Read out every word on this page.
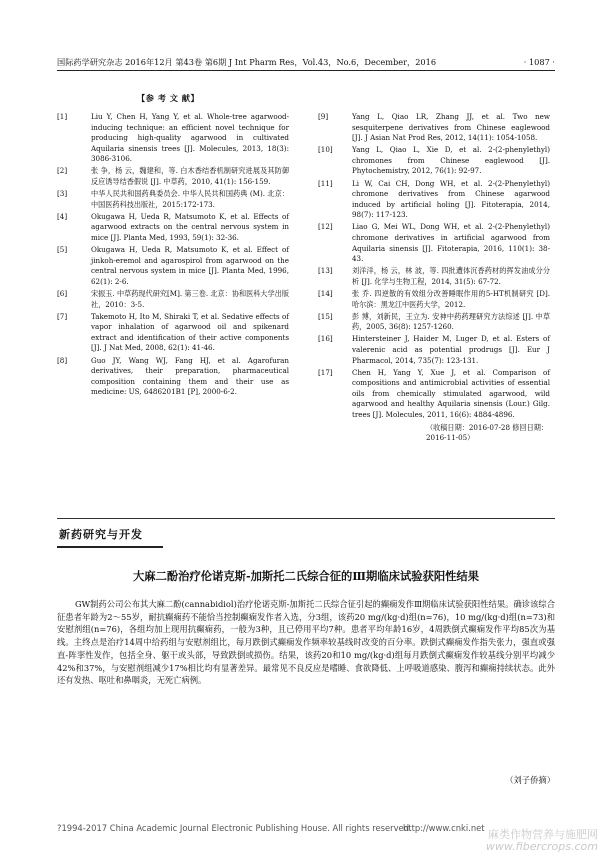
国际药学研究杂志 2016年12月 第43卷 第6期 J Int Pharm Res，Vol.43，No.6，December，2016	· 1087 ·
【参 考 文 献】
[1]	Liu Y, Chen H, Yang Y, et al. Whole-tree agarwood-inducing technique: an efficient novel technique for producing high-quality agarwood in cultivated Aquilaria sinensis trees [J]. Molecules, 2013, 18(3): 3086-3106.
[2]	张 争，杨 云，魏建和，等. 白木香结香机制研究进展及其防御反应诱导结香假说 [J]. 中草药，2010, 41(1): 156-159.
[3]	中华人民共和国药典委员会. 中华人民共和国药典 (M). 北京：中国医药科技出版社，2015:172-173.
[4]	Okugawa H, Ueda R, Matsumoto K, et al. Effects of agarwood extracts on the central nervous system in mice [J]. Planta Med, 1993, 59(1): 32-36.
[5]	Okugawa H, Ueda R, Matsumoto K, et al. Effect of jinkoh-eremol and agarospirol from agarwood on the central nervous system in mice [J]. Planta Med, 1996, 62(1): 2-6.
[6]	宋振玉. 中草药现代研究[M]. 第三卷. 北京：协和医科大学出版社，2010：3-5.
[7]	Takemoto H, Ito M, Shiraki T, et al. Sedative effects of vapor inhalation of agarwood oil and spikenard extract and identification of their active components [J]. J Nat Med, 2008, 62(1): 41-46.
[8]	Guo JY, Wang WJ, Fang HJ, et al. Agarofuran derivatives, their preparation, pharmaceutical composition containing them and their use as medicine: US, 6486201B1 [P], 2000-6-2.
[9]	Yang L, Qiao LR, Zhang JJ, et al. Two new sesquiterpene derivatives from Chinese eaglewood [J]. J Asian Nat Prod Res, 2012, 14(11): 1054-1058.
[10]	Yang L, Qiao L, Xie D, et al. 2-(2-phenylethyl) chromones from Chinese eaglewood [J]. Phytochemistry, 2012, 76(1): 92-97.
[11]	Li W, Cai CH, Dong WH, et al. 2-(2-Phenylethyl) chromone derivatives from Chinese agarwood induced by artificial holing [J]. Fitoterapia, 2014, 98(7): 117-123.
[12]	Liao G, Mei WL, Dong WH, et al. 2-(2-Phenylethyl) chromone derivatives in artificial agarwood from Aquilaria sinensis [J]. Fitoterapia, 2016, 110(1): 38-43.
[13]	刘洋洋，杨 云，林 波，等. 四批遭体沉香药材的挥发油成分分析 [J]. 化学与生物工程，2014, 31(5): 67-72.
[14]	张 乔. 四逆散的有效组分改善睡眠作用的5-HT机制研究 [D]. 哈尔滨：黑龙江中医药大学，2012.
[15]	彭 博，刘新民，王立为. 安神中药药理研究方法综述 [J]. 中草药，2005, 36(8): 1257-1260.
[16]	Hintersteiner J, Haider M, Luger D, et al. Esters of valerenic acid as potential prodrugs [J]. Eur J Pharmacol, 2014, 735(7): 123-131.
[17]	Chen H, Yang Y, Xue J, et al. Comparison of compositions and antimicrobial activities of essential oils from chemically stimulated agarwood, wild agarwood and healthy Aquilaria sinensis (Lour.) Gilg. trees [J]. Molecules, 2011, 16(6): 4884-4896.
（收稿日期：2016-07-28 修回日期：2016-11-05）
新药研究与开发
大麻二酚治疗伦诺克斯-加斯托二氏综合征的Ⅲ期临床试验获阳性结果
GW制药公司公布其大麻二酚(cannabidiol)治疗伦诺克斯-加斯托二氏综合征引起的癫痫发作Ⅲ期临床试验获阳性结果。确诊该综合征患者年龄为2～55岁，耐抗癫痫药不能恰当控制癫痫发作者入选，分3组，该药20 mg/(kg·d)组(n=76)，10 mg/(kg·d)组(n=73)和安慰剂组(n=76)，各组均加上现用抗癫痫药，一般为3种，且已停用平均7种。患者平均年龄16岁，4周跌倒式癫痫发作平均85次为基线。主终点是治疗14周中给药组与安慰剂组比，每月跌倒式癫痫发作频率较基线时改变的百分率。跌倒式癫痫发作指失张力，强直或强直-阵挛性发作，包括全身、躯干或头部，导致跌倒或损伤。结果，该药20和10 mg/(kg·d)组每月跌倒式癫痫发作较基线分别平均减少42%和37%，与安慰剂组减少17%相比均有显著差异。最常见不良反应是嗜睡、食欲降低、上呼吸道感染、腹泻和癫痫持续状态。此外还有发热、呕吐和鼻咽炎，无死亡病例。
（刘子侨摘）
?1994-2017 China Academic Journal Electronic Publishing House. All rights reserved.
http://www.cnki.net 麻类作物营养与施肥网
www.fibercrops.com
